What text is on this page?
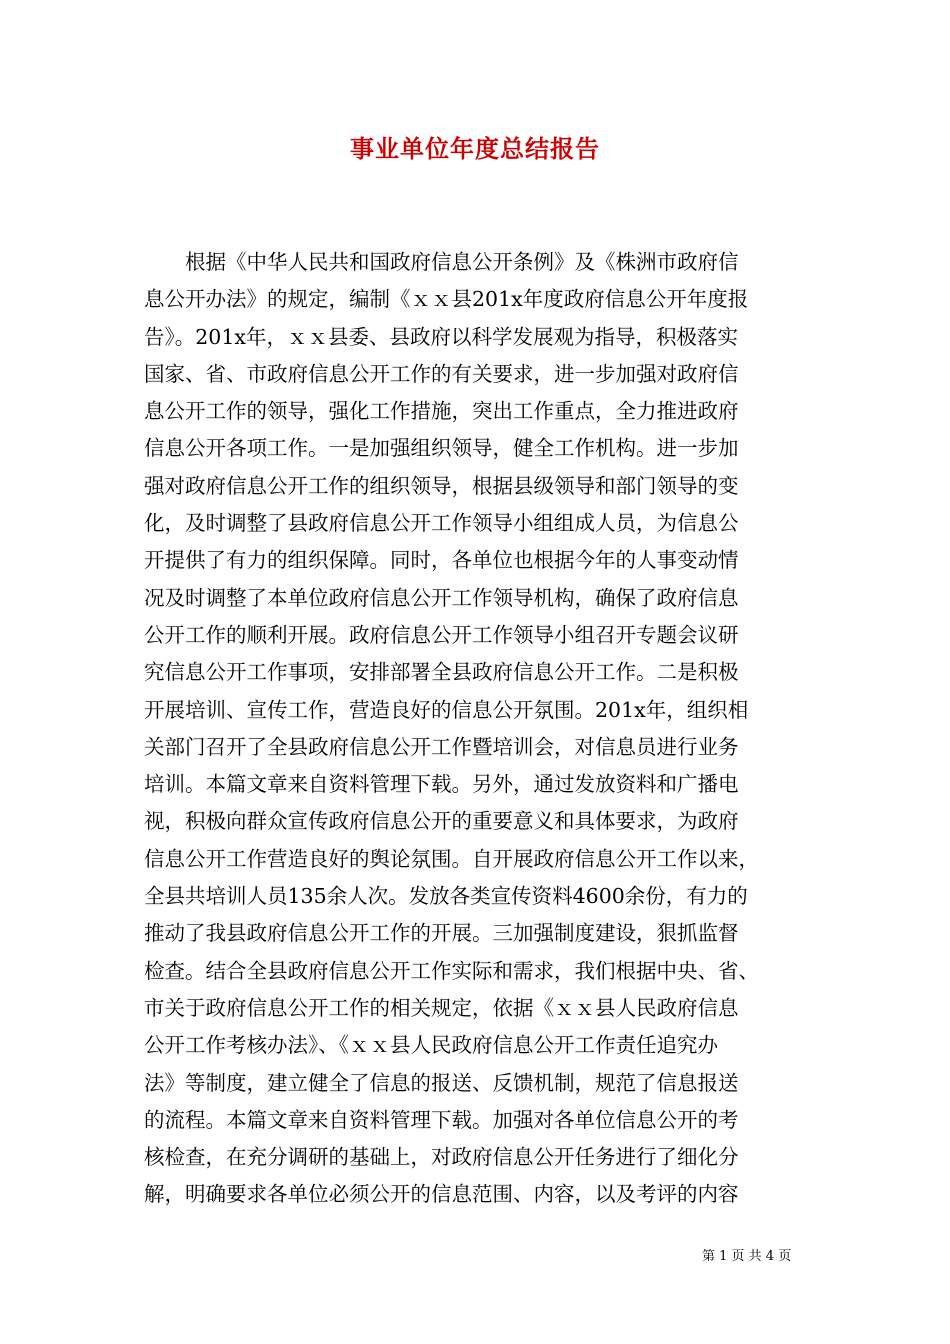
事业单位年度总结报告
根据《中华人民共和国政府信息公开条例》及《株洲市政府信
息公开办法》的规定，编制《ｘｘ县201x年度政府信息公开年度报
告》。201x年，ｘｘ县委、县政府以科学发展观为指导，积极落实
国家、省、市政府信息公开工作的有关要求，进一步加强对政府信
息公开工作的领导，强化工作措施，突出工作重点，全力推进政府
信息公开各项工作。一是加强组织领导，健全工作机构。进一步加
强对政府信息公开工作的组织领导，根据县级领导和部门领导的变
化，及时调整了县政府信息公开工作领导小组组成人员，为信息公
开提供了有力的组织保障。同时，各单位也根据今年的人事变动情
况及时调整了本单位政府信息公开工作领导机构，确保了政府信息
公开工作的顺利开展。政府信息公开工作领导小组召开专题会议研
究信息公开工作事项，安排部署全县政府信息公开工作。二是积极
开展培训、宣传工作，营造良好的信息公开氛围。201x年，组织相
关部门召开了全县政府信息公开工作暨培训会，对信息员进行业务
培训。本篇文章来自资料管理下载。另外，通过发放资料和广播电
视，积极向群众宣传政府信息公开的重要意义和具体要求，为政府
信息公开工作营造良好的舆论氛围。自开展政府信息公开工作以来，
全县共培训人员135余人次。发放各类宣传资料4600余份，有力的
推动了我县政府信息公开工作的开展。三加强制度建设，狠抓监督
检查。结合全县政府信息公开工作实际和需求，我们根据中央、省、
市关于政府信息公开工作的相关规定，依据《ｘｘ县人民政府信息
公开工作考核办法》、《ｘｘ县人民政府信息公开工作责任追究办
法》等制度，建立健全了信息的报送、反馈机制，规范了信息报送
的流程。本篇文章来自资料管理下载。加强对各单位信息公开的考
核检查，在充分调研的基础上，对政府信息公开任务进行了细化分
解，明确要求各单位必须公开的信息范围、内容，以及考评的内容
第 1 页 共 4 页
